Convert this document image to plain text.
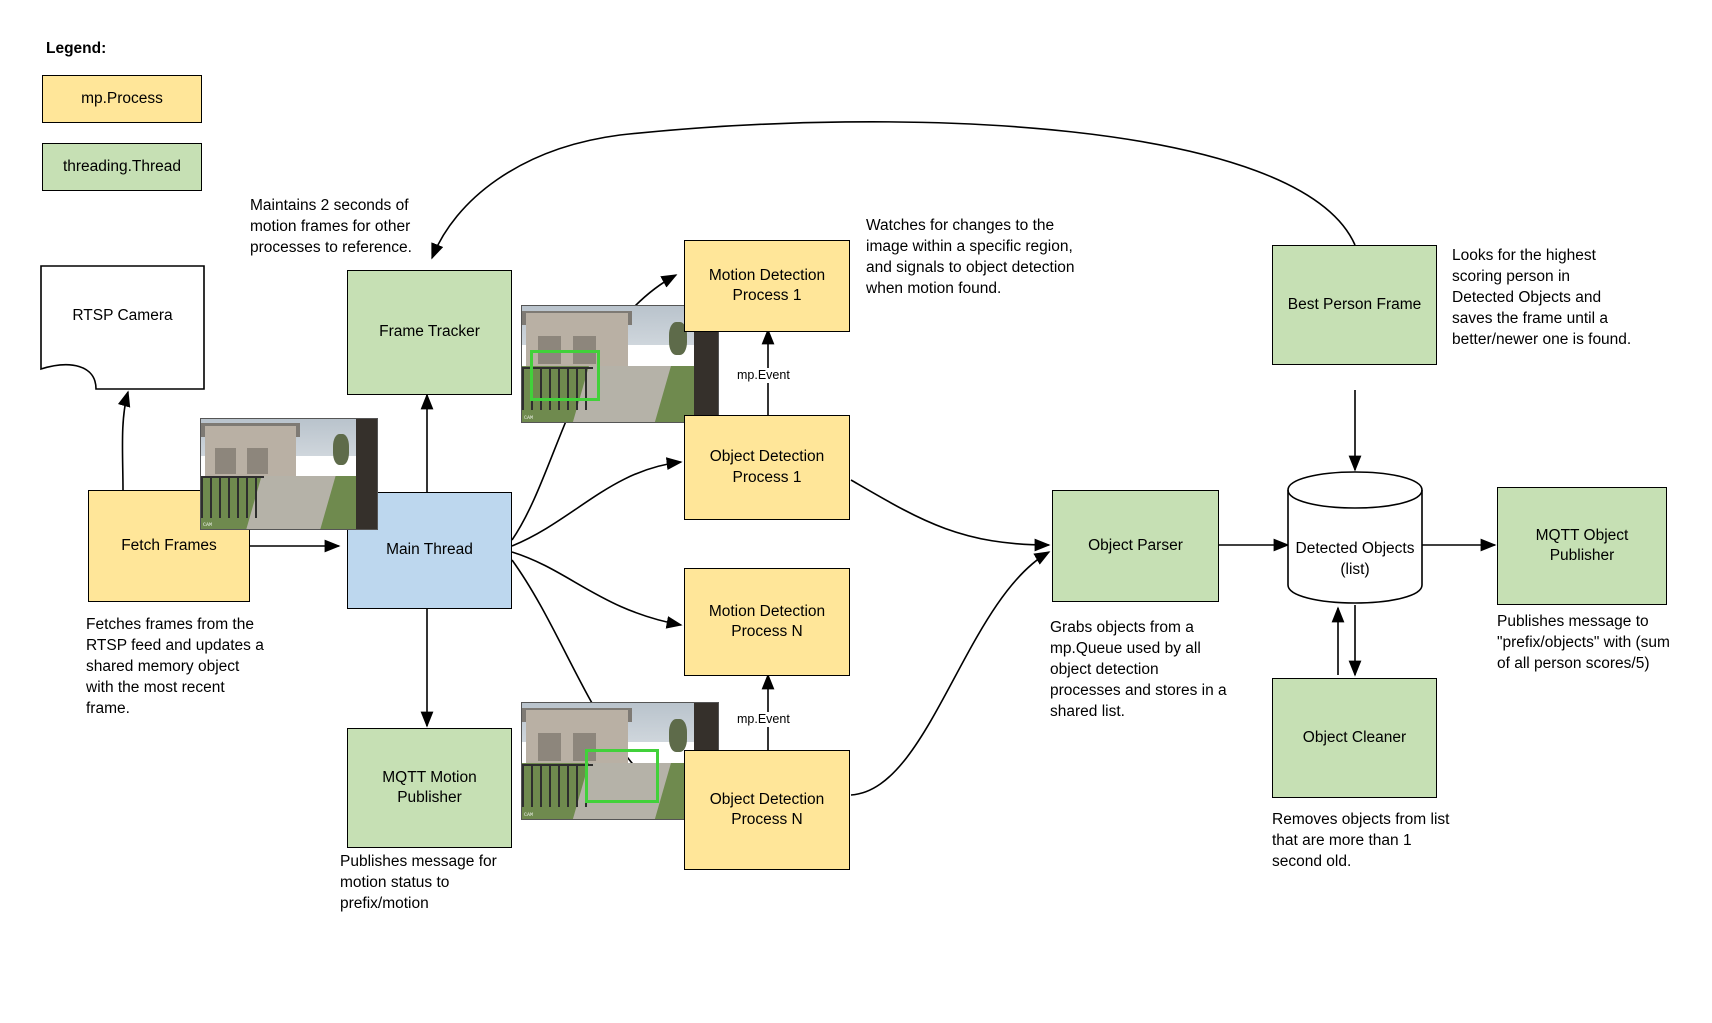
Legend:
mp.Process
threading.Thread
RTSP Camera
Fetch Frames
Frame Tracker
Main Thread
MQTT Motion Publisher
CAM
CAM
CAM
Motion Detection Process 1
Object Detection Process 1
Motion Detection Process N
Object Detection Process N
mp.Event
mp.Event
Object Parser
Best Person Frame
Detected Objects (list)
Object Cleaner
MQTT Object Publisher
Maintains 2 seconds of motion frames for other processes to reference.
Fetches frames from the RTSP feed and updates a shared memory object with the most recent frame.
Watches for changes to the image within a specific region, and signals to object detection when motion found.
Publishes message for motion status to prefix/motion
Grabs objects from a mp.Queue used by all object detection processes and stores in a shared list.
Looks for the highest scoring person in Detected Objects and saves the frame until a better/newer one is found.
Removes objects from list that are more than 1 second old.
Publishes message to "prefix/objects" with (sum of all person scores/5)
